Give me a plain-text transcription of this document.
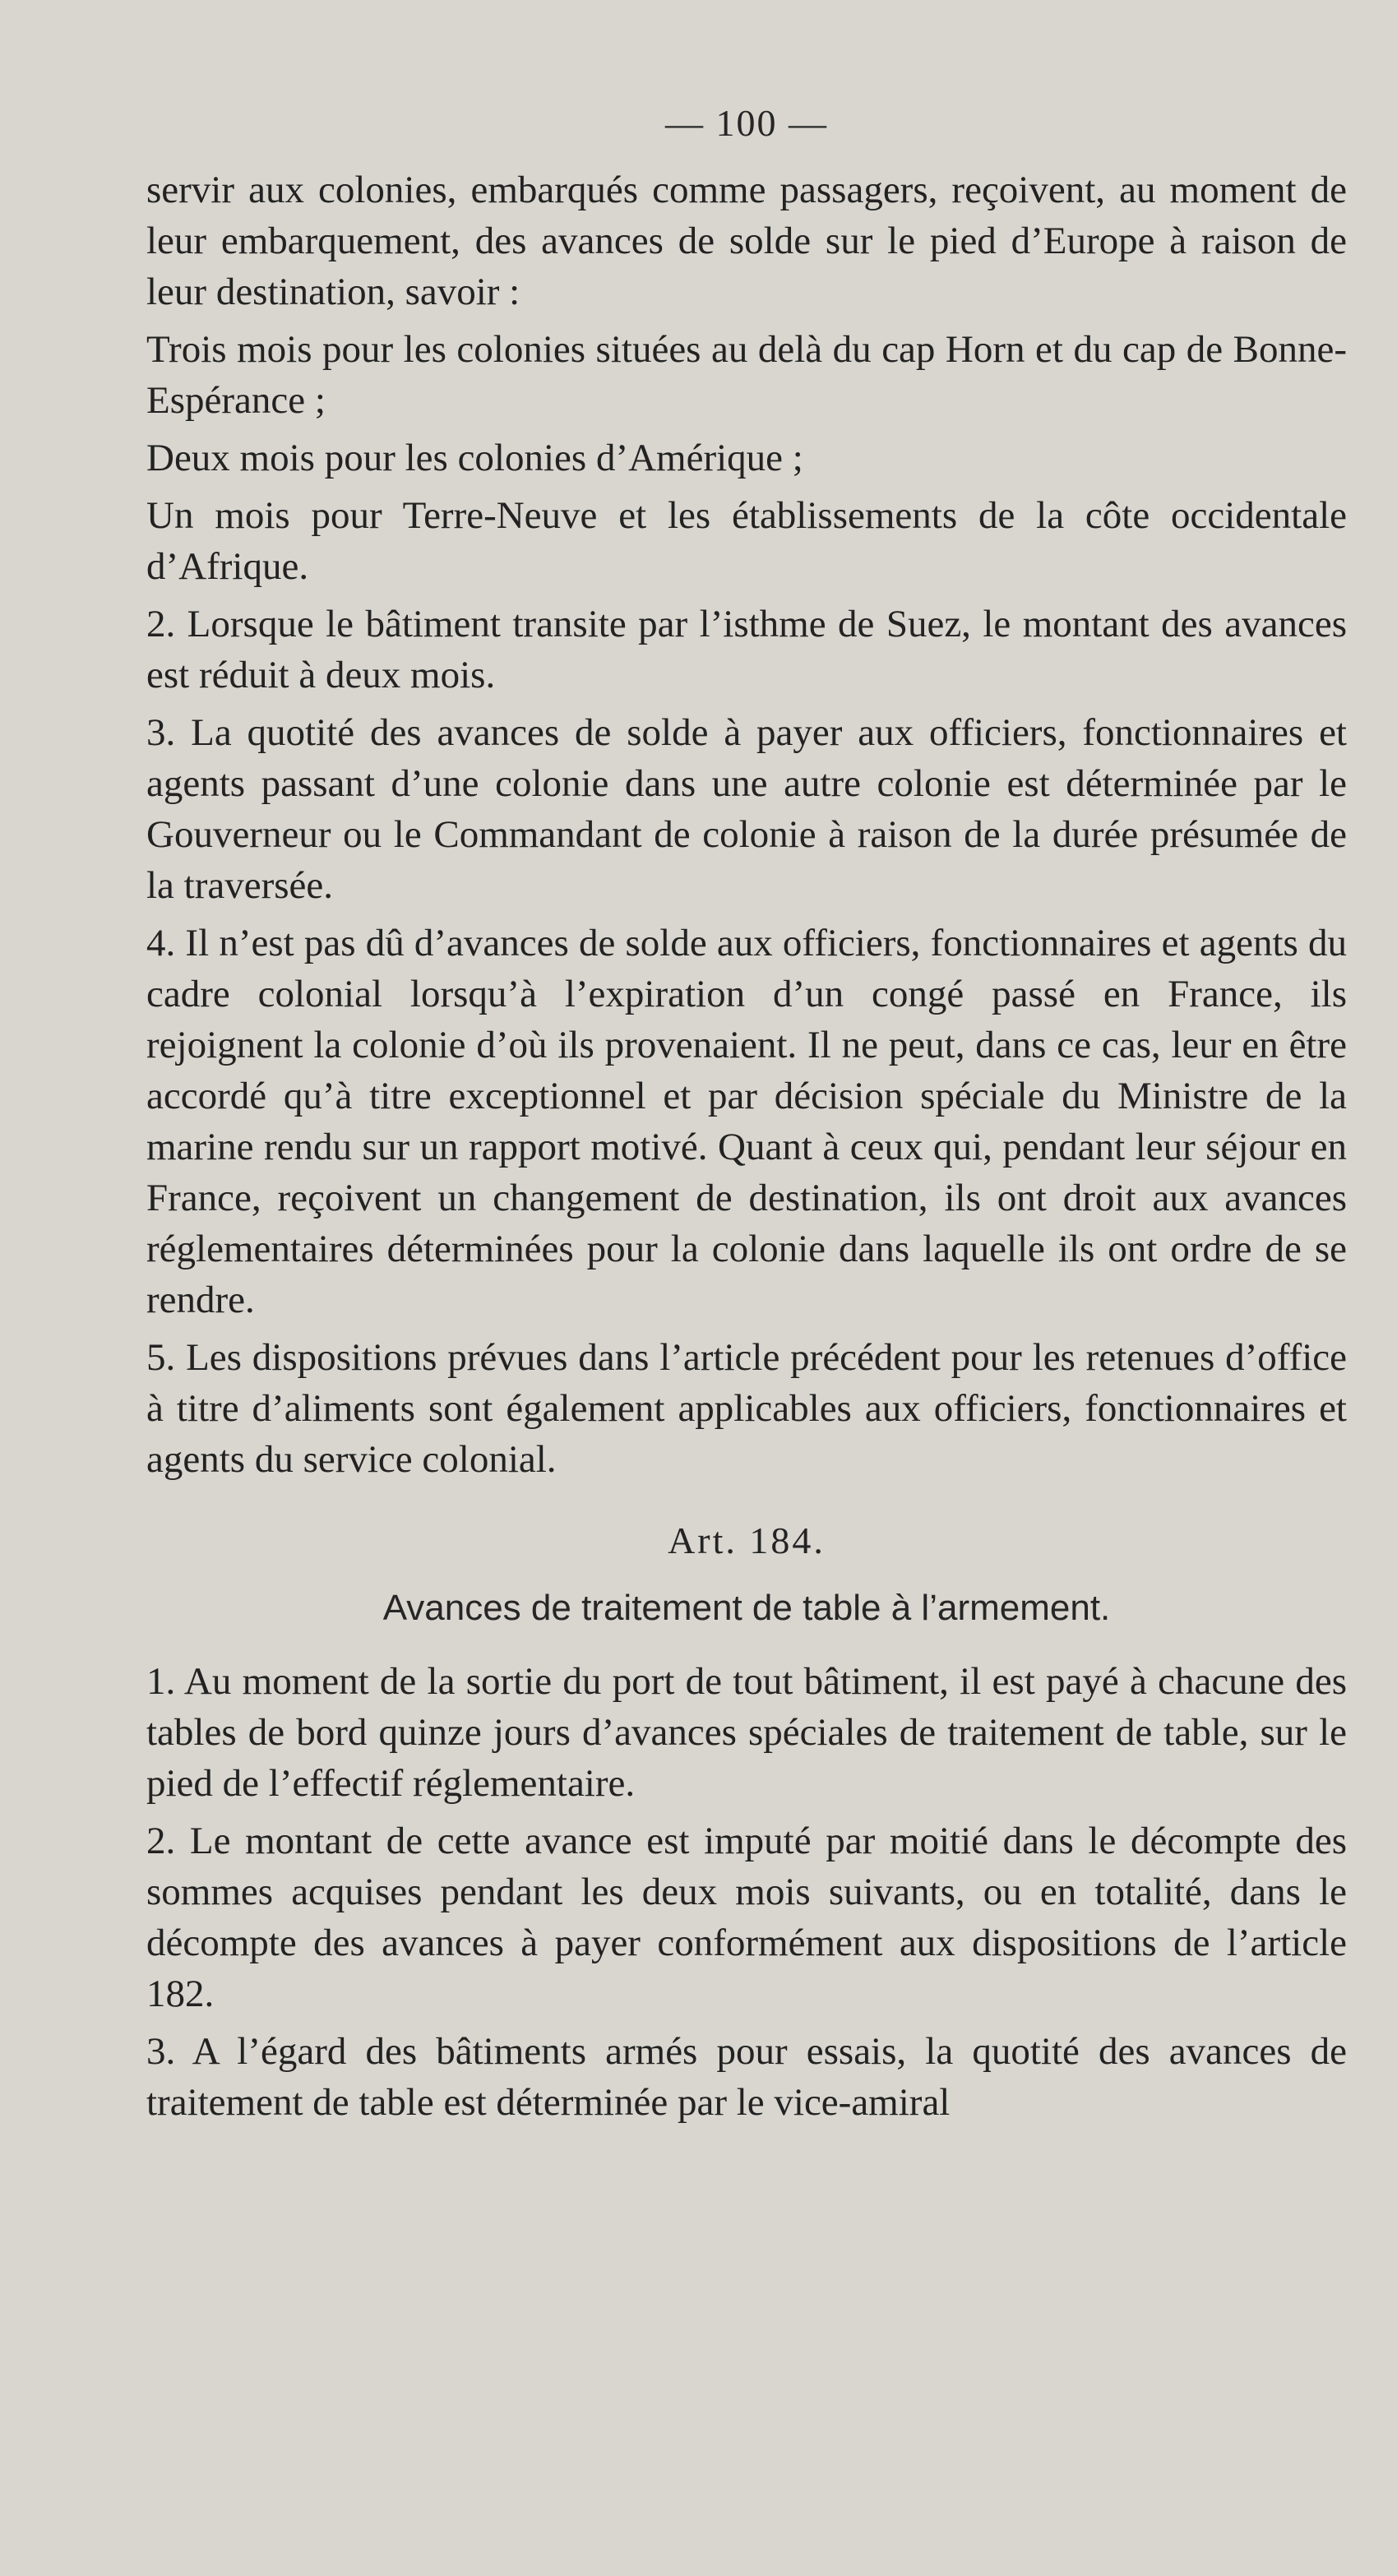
— 100 —

servir aux colonies, embarqués comme passagers, reçoivent, au moment de leur embarquement, des avances de solde sur le pied d’Europe à raison de leur destination, savoir :

Trois mois pour les colonies situées au delà du cap Horn et du cap de Bonne-Espérance ;

Deux mois pour les colonies d’Amérique ;

Un mois pour Terre-Neuve et les établissements de la côte occidentale d’Afrique.

2. Lorsque le bâtiment transite par l’isthme de Suez, le montant des avances est réduit à deux mois.

3. La quotité des avances de solde à payer aux officiers, fonctionnaires et agents passant d’une colonie dans une autre colonie est déterminée par le Gouverneur ou le Commandant de colonie à raison de la durée présumée de la traversée.

4. Il n’est pas dû d’avances de solde aux officiers, fonctionnaires et agents du cadre colonial lorsqu’à l’expiration d’un congé passé en France, ils rejoignent la colonie d’où ils provenaient. Il ne peut, dans ce cas, leur en être accordé qu’à titre exceptionnel et par décision spéciale du Ministre de la marine rendu sur un rapport motivé. Quant à ceux qui, pendant leur séjour en France, reçoivent un changement de destination, ils ont droit aux avances réglementaires déterminées pour la colonie dans laquelle ils ont ordre de se rendre.

5. Les dispositions prévues dans l’article précédent pour les retenues d’office à titre d’aliments sont également applicables aux officiers, fonctionnaires et agents du service colonial.

Art. 184.
Avances de traitement de table à l’armement.

1. Au moment de la sortie du port de tout bâtiment, il est payé à chacune des tables de bord quinze jours d’avances spéciales de traitement de table, sur le pied de l’effectif réglementaire.

2. Le montant de cette avance est imputé par moitié dans le décompte des sommes acquises pendant les deux mois suivants, ou en totalité, dans le décompte des avances à payer conformément aux dispositions de l’article 182.

3. A l’égard des bâtiments armés pour essais, la quotité des avances de traitement de table est déterminée par le vice-amiral
